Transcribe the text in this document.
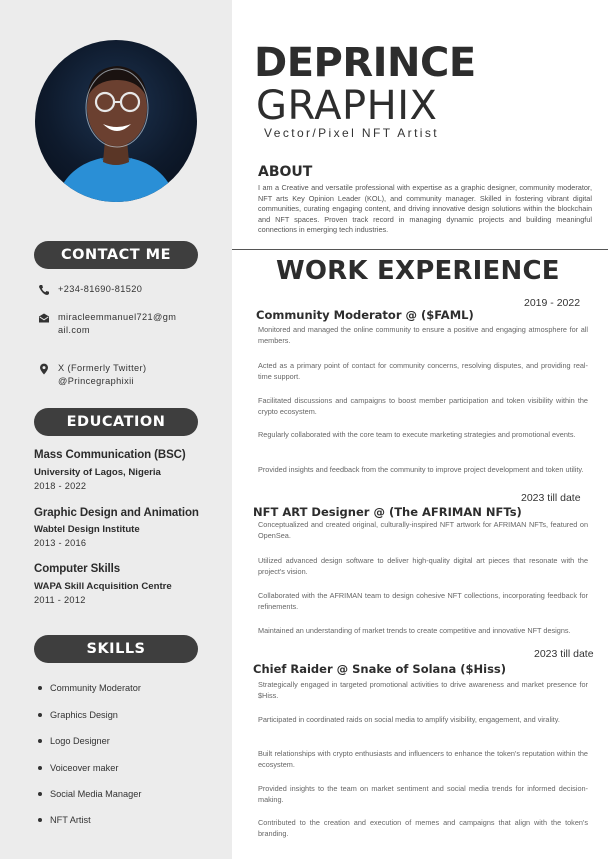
CONTACT ME
+234-81690-81520
miracleemmanuel721@gm
ail.com
X (Formerly Twitter)
@Princegraphixii
EDUCATION
Mass Communication (BSC)
University of Lagos, Nigeria
2018 - 2022
Graphic Design and Animation
Wabtel Design Institute
2013 - 2016
Computer Skills
WAPA Skill Acquisition Centre
2011 - 2012
SKILLS
Community Moderator
Graphics Design
Logo Designer
Voiceover maker
Social Media Manager
NFT Artist
DEPRINCE
GRAPHIX
Vector/Pixel NFT Artist
ABOUT
I am a Creative and versatile professional with expertise as a graphic designer, community moderator, NFT arts Key Opinion Leader (KOL), and community manager. Skilled in fostering vibrant digital communities, curating engaging content, and driving innovative design solutions within the blockchain and NFT spaces. Proven track record in managing dynamic projects and building meaningful connections in emerging tech industries.
WORK EXPERIENCE
2019 - 2022
Community Moderator @ ($FAML)
Monitored and managed the online community to ensure a positive and engaging atmosphere for all members.
Acted as a primary point of contact for community concerns, resolving disputes, and providing real-time support.
Facilitated discussions and campaigns to boost member participation and token visibility within the crypto ecosystem.
Regularly collaborated with the core team to execute marketing strategies and promotional events.
Provided insights and feedback from the community to improve project development and token utility.
2023 till date
NFT ART Designer @ (The AFRIMAN NFTs)
Conceptualized and created original, culturally-inspired NFT artwork for AFRIMAN NFTs, featured on OpenSea.
Utilized advanced design software to deliver high-quality digital art pieces that resonate with the project's vision.
Collaborated with the AFRIMAN team to design cohesive NFT collections, incorporating feedback for refinements.
Maintained an understanding of market trends to create competitive and innovative NFT designs.
2023 till date
Chief Raider @ Snake of Solana ($Hiss)
Strategically engaged in targeted promotional activities to drive awareness and market presence for $Hiss.
Participated in coordinated raids on social media to amplify visibility, engagement, and virality.
Built relationships with crypto enthusiasts and influencers to enhance the token's reputation within the ecosystem.
Provided insights to the team on market sentiment and social media trends for informed decision-making.
Contributed to the creation and execution of memes and campaigns that align with the token's branding.
